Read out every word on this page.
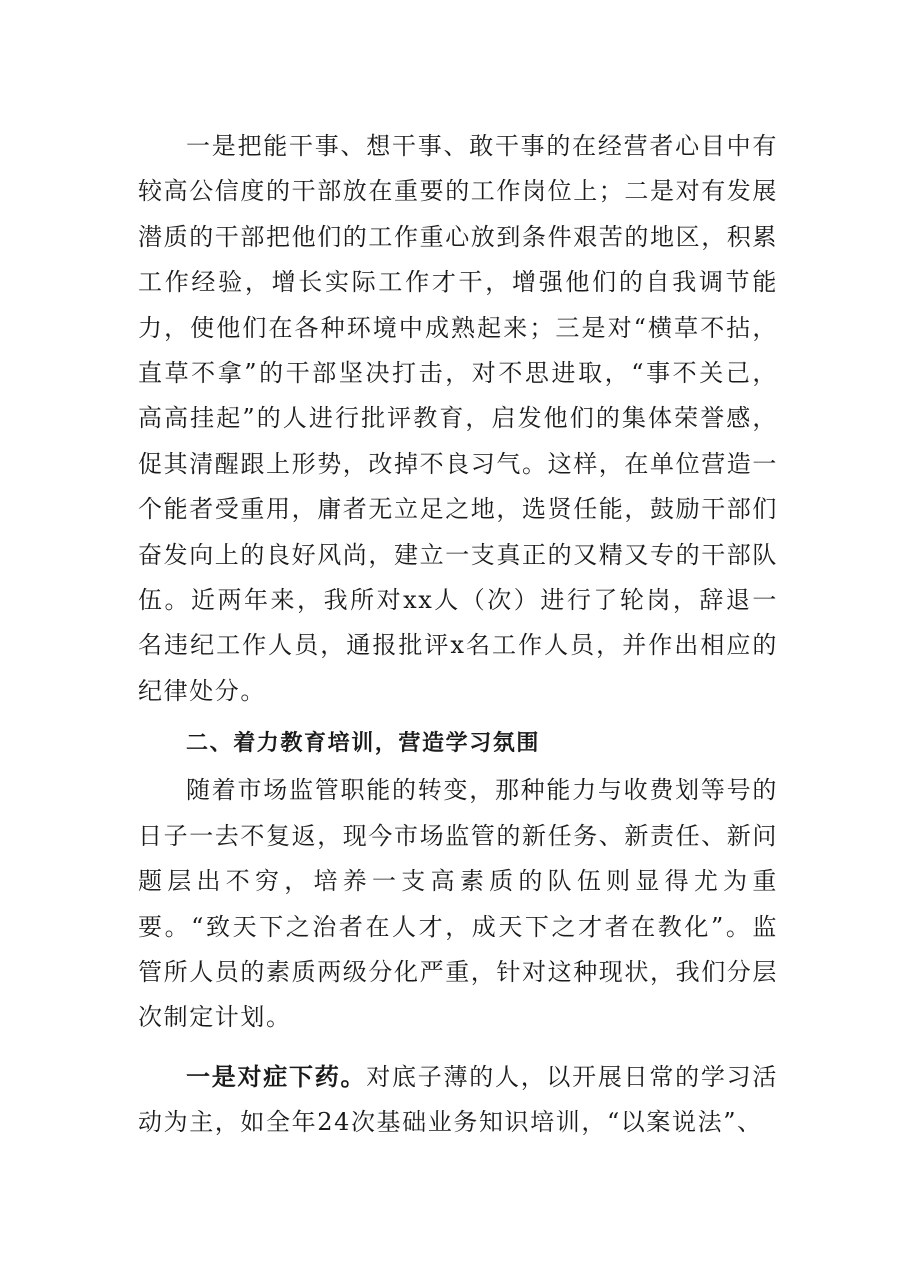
一是把能干事、想干事、敢干事的在经营者心目中有较高公信度的干部放在重要的工作岗位上；二是对有发展潜质的干部把他们的工作重心放到条件艰苦的地区，积累工作经验，增长实际工作才干，增强他们的自我调节能力，使他们在各种环境中成熟起来；三是对“横草不拈，直草不拿”的干部坚决打击，对不思进取，“事不关己，高高挂起”的人进行批评教育，启发他们的集体荣誉感，促其清醒跟上形势，改掉不良习气。这样，在单位营造一个能者受重用，庸者无立足之地，选贤任能，鼓励干部们奋发向上的良好风尚，建立一支真正的又精又专的干部队伍。近两年来，我所对xx人（次）进行了轮岗，辞退一名违纪工作人员，通报批评x名工作人员，并作出相应的纪律处分。

二、着力教育培训，营造学习氛围

随着市场监管职能的转变，那种能力与收费划等号的日子一去不复返，现今市场监管的新任务、新责任、新问题层出不穷，培养一支高素质的队伍则显得尤为重要。“致天下之治者在人才，成天下之才者在教化”。监管所人员的素质两级分化严重，针对这种现状，我们分层次制定计划。

一是对症下药。对底子薄的人，以开展日常的学习活动为主，如全年24次基础业务知识培训，“以案说法”、
